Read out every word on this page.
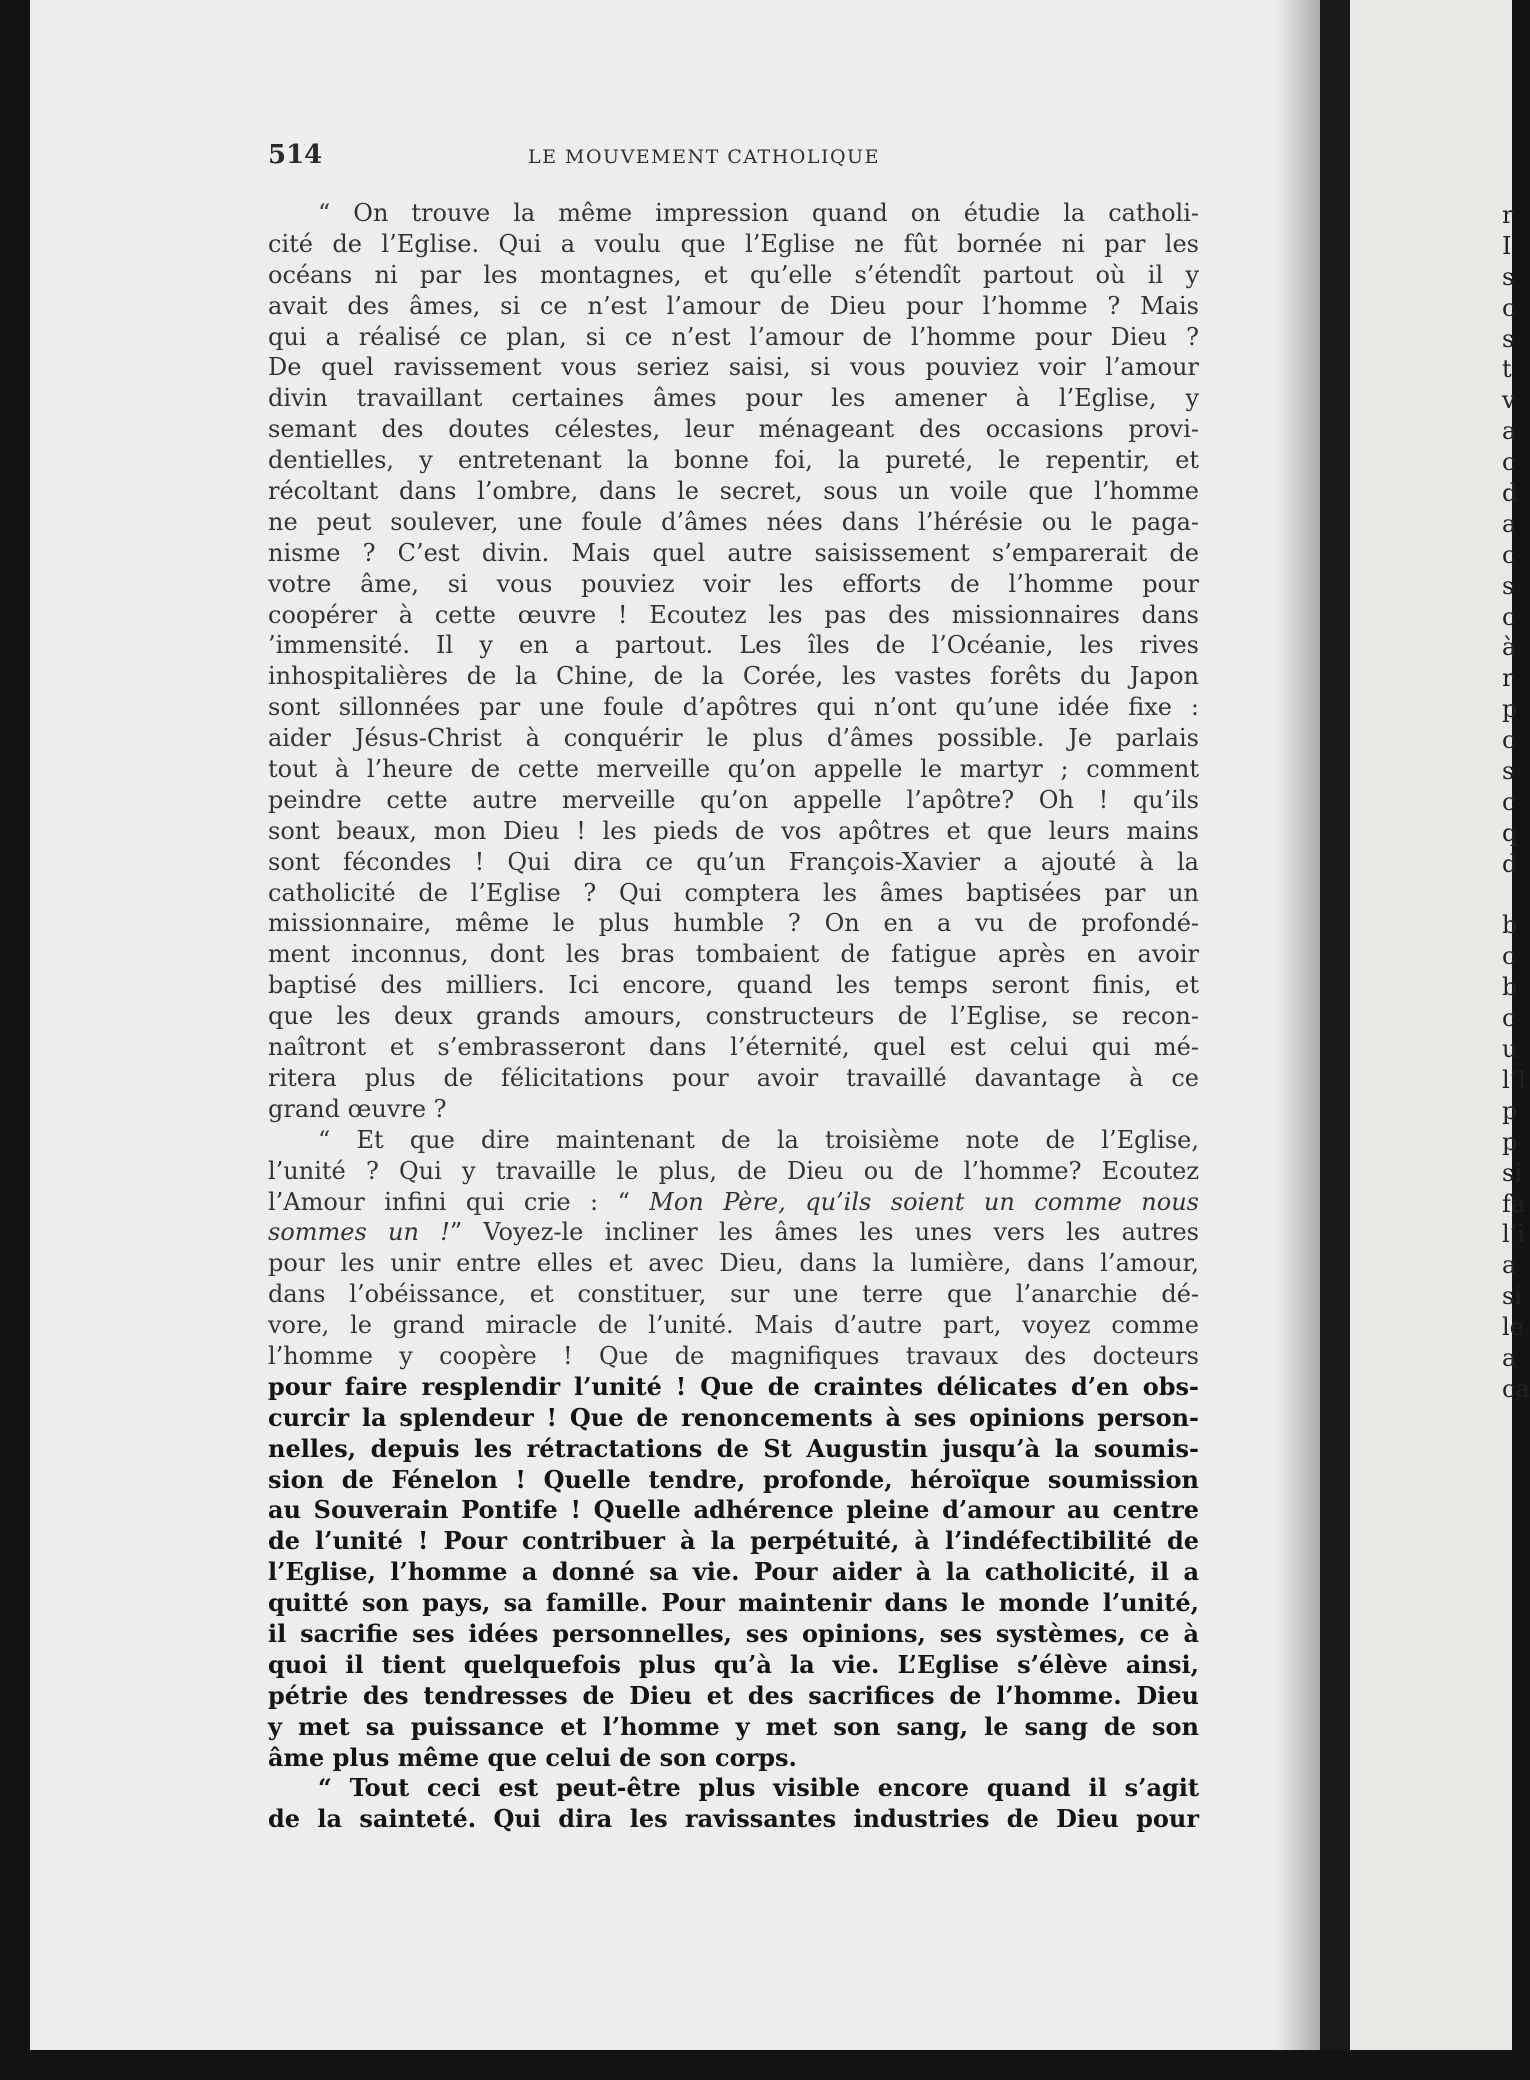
r
I
s
c
s
t
v
a
c
d
a
c
s
c
à
r
p
c
s
c
q
d
b
c
b
c
u
l’I
p
p
si
fa
l’i
a
si
le
a
ca
514	LE MOUVEMENT CATHOLIQUE
“ On trouve la même impression quand on étudie la catholi-
cité de l’Eglise. Qui a voulu que l’Eglise ne fût bornée ni par les
océans ni par les montagnes, et qu’elle s’étendît partout où il y
avait des âmes, si ce n’est l’amour de Dieu pour l’homme ? Mais
qui a réalisé ce plan, si ce n’est l’amour de l’homme pour Dieu ?
De quel ravissement vous seriez saisi, si vous pouviez voir l’amour
divin travaillant certaines âmes pour les amener à l’Eglise, y
semant des doutes célestes, leur ménageant des occasions provi-
dentielles, y entretenant la bonne foi, la pureté, le repentir, et
récoltant dans l’ombre, dans le secret, sous un voile que l’homme
ne peut soulever, une foule d’âmes nées dans l’hérésie ou le paga-
nisme ? C’est divin. Mais quel autre saisissement s’emparerait de
votre âme, si vous pouviez voir les efforts de l’homme pour
coopérer à cette œuvre ! Ecoutez les pas des missionnaires dans
’immensité. Il y en a partout. Les îles de l’Océanie, les rives
inhospitalières de la Chine, de la Corée, les vastes forêts du Japon
sont sillonnées par une foule d’apôtres qui n’ont qu’une idée fixe :
aider Jésus-Christ à conquérir le plus d’âmes possible. Je parlais
tout à l’heure de cette merveille qu’on appelle le martyr ; comment
peindre cette autre merveille qu’on appelle l’apôtre? Oh ! qu’ils
sont beaux, mon Dieu ! les pieds de vos apôtres et que leurs mains
sont fécondes ! Qui dira ce qu’un François-Xavier a ajouté à la
catholicité de l’Eglise ? Qui comptera les âmes baptisées par un
missionnaire, même le plus humble ? On en a vu de profondé-
ment inconnus, dont les bras tombaient de fatigue après en avoir
baptisé des milliers. Ici encore, quand les temps seront finis, et
que les deux grands amours, constructeurs de l’Eglise, se recon-
naîtront et s’embrasseront dans l’éternité, quel est celui qui mé-
ritera plus de félicitations pour avoir travaillé davantage à ce
grand œuvre ?
“ Et que dire maintenant de la troisième note de l’Eglise,
l’unité ? Qui y travaille le plus, de Dieu ou de l’homme? Ecoutez
l’Amour infini qui crie : “ Mon Père, qu’ils soient un comme nous
sommes un !” Voyez-le incliner les âmes les unes vers les autres
pour les unir entre elles et avec Dieu, dans la lumière, dans l’amour,
dans l’obéissance, et constituer, sur une terre que l’anarchie dé-
vore, le grand miracle de l’unité. Mais d’autre part, voyez comme
l’homme y coopère ! Que de magnifiques travaux des docteurs
pour faire resplendir l’unité ! Que de craintes délicates d’en obs-
curcir la splendeur ! Que de renoncements à ses opinions person-
nelles, depuis les rétractations de St Augustin jusqu’à la soumis-
sion de Fénelon ! Quelle tendre, profonde, héroïque soumission
au Souverain Pontife ! Quelle adhérence pleine d’amour au centre
de l’unité ! Pour contribuer à la perpétuité, à l’indéfectibilité de
l’Eglise, l’homme a donné sa vie. Pour aider à la catholicité, il a
quitté son pays, sa famille. Pour maintenir dans le monde l’unité,
il sacrifie ses idées personnelles, ses opinions, ses systèmes, ce à
quoi il tient quelquefois plus qu’à la vie. L’Eglise s’élève ainsi,
pétrie des tendresses de Dieu et des sacrifices de l’homme. Dieu
y met sa puissance et l’homme y met son sang, le sang de son
âme plus même que celui de son corps.
“ Tout ceci est peut-être plus visible encore quand il s’agit
de la sainteté. Qui dira les ravissantes industries de Dieu pour
